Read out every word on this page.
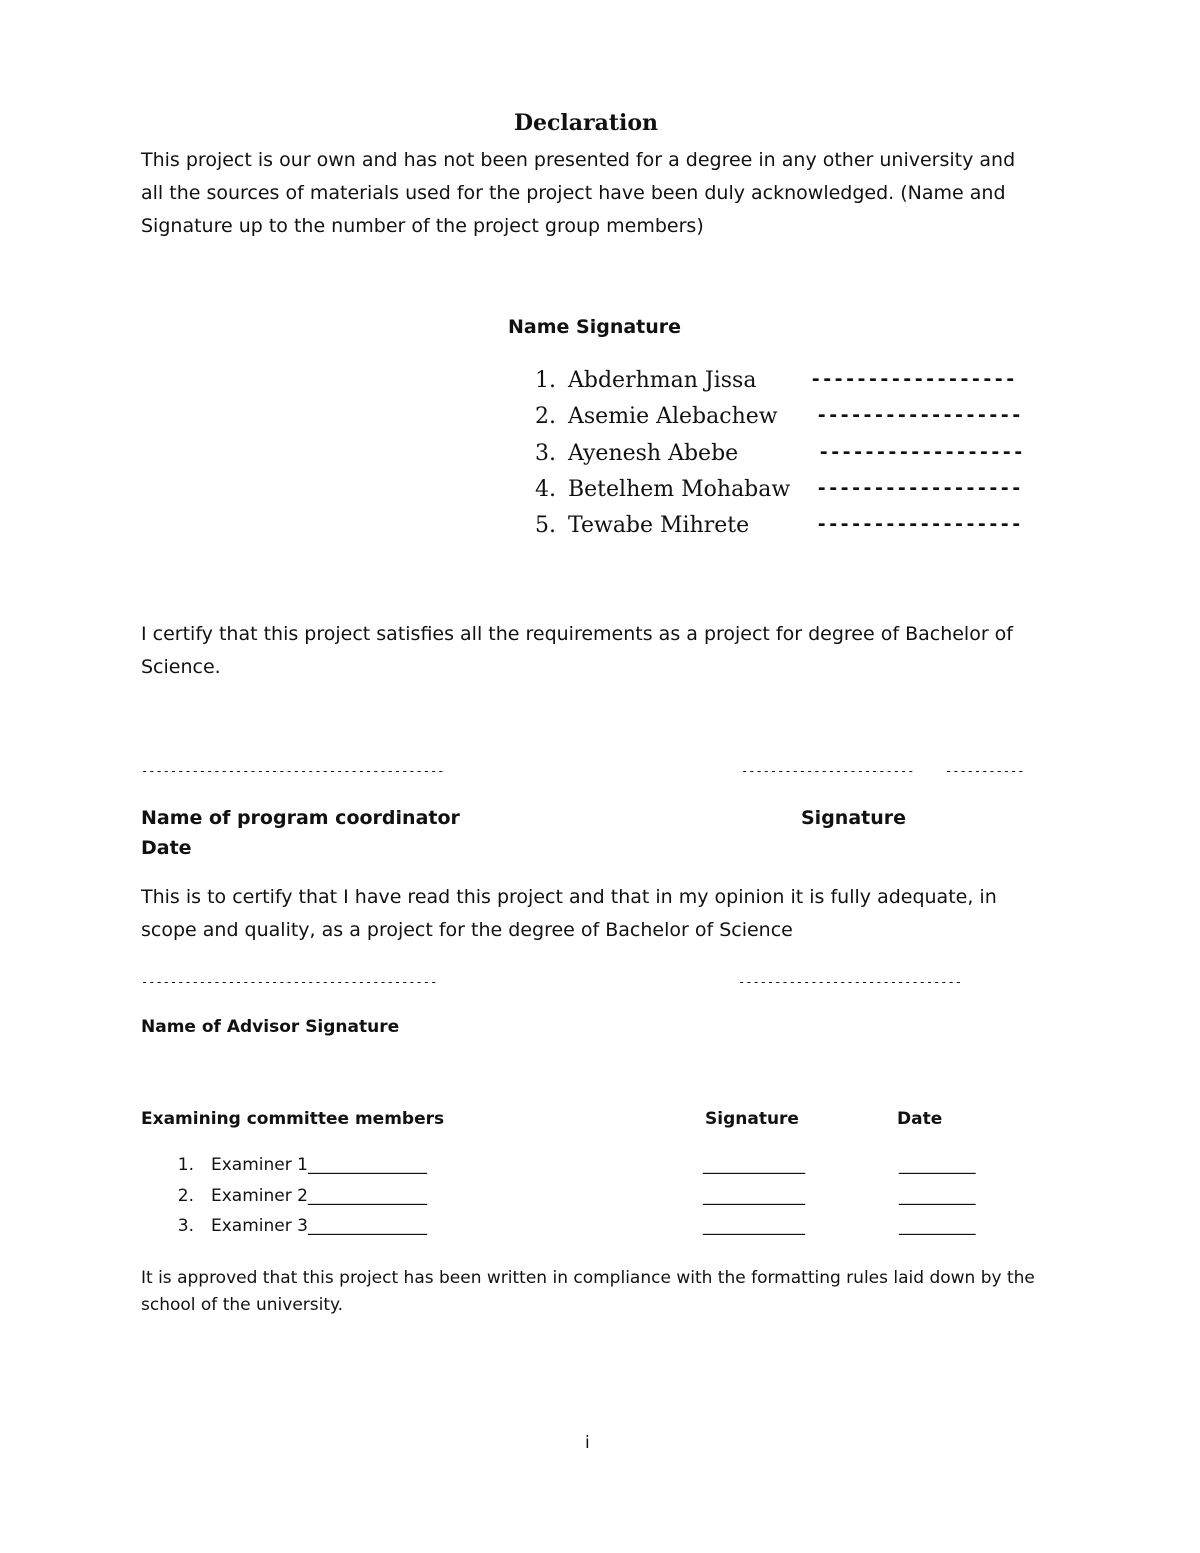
Declaration
This project is our own and has not been presented for a degree in any other university and all the sources of materials used for the project have been duly acknowledged. (Name and Signature up to the number of the project group members)
Name Signature
1. Abderhman Jissa	------------------
2. Asemie Alebachew ------------------
3. Ayenesh Abebe	------------------
4. Betelhem Mohabaw ------------------
5. Tewabe Mihrete	------------------
I certify that this project satisfies all the requirements as a project for degree of Bachelor of Science.
------------------------------------------	------------------------	-----------
Name of program coordinator	Signature
Date
This is to certify that I have read this project and that in my opinion it is fully adequate, in scope and quality, as a project for the degree of Bachelor of Science
-----------------------------------------	-------------------------------
Name of Advisor Signature
Examining committee members	Signature	Date
1. Examiner 1______________	____________	_________
2. Examiner 2______________	____________	_________
3. Examiner 3______________	____________	_________
It is approved that this project has been written in compliance with the formatting rules laid down by the school of the university.
i
